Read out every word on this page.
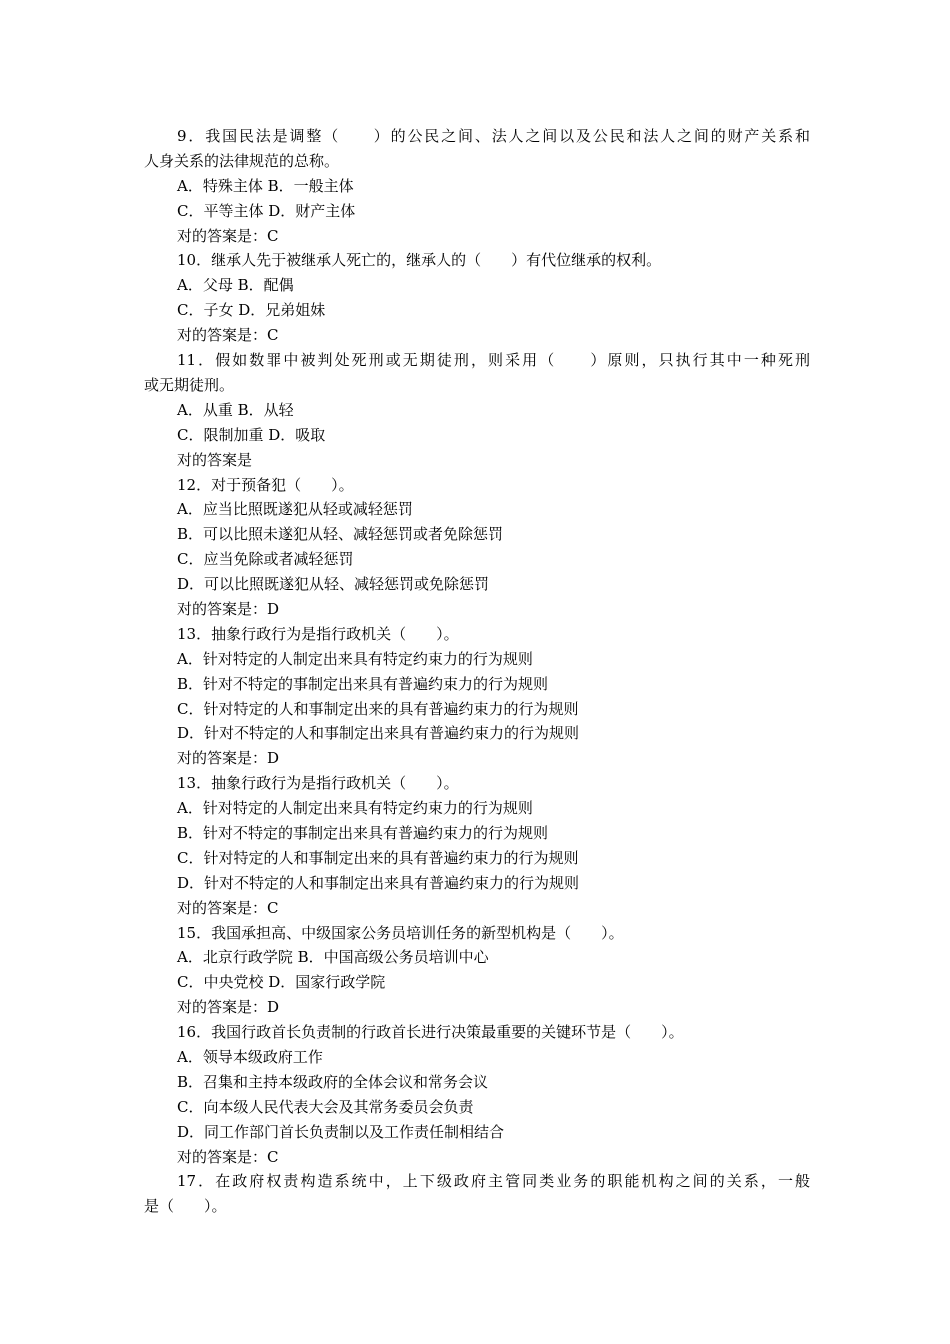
9．我国民法是调整（　　）的公民之间、法人之间以及公民和法人之间的财产关系和
人身关系的法律规范的总称。
A．特殊主体 B．一般主体
C．平等主体 D．财产主体
对的答案是：C
10．继承人先于被继承人死亡的，继承人的（　　）有代位继承的权利。
A．父母 B．配偶
C．子女 D．兄弟姐妹
对的答案是：C
11．假如数罪中被判处死刑或无期徒刑，则采用（　　）原则，只执行其中一种死刑
或无期徒刑。
A．从重 B．从轻
C．限制加重 D．吸取
对的答案是
12．对于预备犯（　　）。
A．应当比照既遂犯从轻或减轻惩罚
B．可以比照未遂犯从轻、减轻惩罚或者免除惩罚
C．应当免除或者减轻惩罚
D．可以比照既遂犯从轻、减轻惩罚或免除惩罚
对的答案是：D
13．抽象行政行为是指行政机关（　　）。
A．针对特定的人制定出来具有特定约束力的行为规则
B．针对不特定的事制定出来具有普遍约束力的行为规则
C．针对特定的人和事制定出来的具有普遍约束力的行为规则
D．针对不特定的人和事制定出来具有普遍约束力的行为规则
对的答案是：D
13．抽象行政行为是指行政机关（　　）。
A．针对特定的人制定出来具有特定约束力的行为规则
B．针对不特定的事制定出来具有普遍约束力的行为规则
C．针对特定的人和事制定出来的具有普遍约束力的行为规则
D．针对不特定的人和事制定出来具有普遍约束力的行为规则
对的答案是：C
15．我国承担高、中级国家公务员培训任务的新型机构是（　　）。
A．北京行政学院 B．中国高级公务员培训中心
C．中央党校 D．国家行政学院
对的答案是：D
16．我国行政首长负责制的行政首长进行决策最重要的关键环节是（　　）。
A．领导本级政府工作
B．召集和主持本级政府的全体会议和常务会议
C．向本级人民代表大会及其常务委员会负责
D．同工作部门首长负责制以及工作责任制相结合
对的答案是：C
17．在政府权责构造系统中，上下级政府主管同类业务的职能机构之间的关系，一般
是（　　）。
